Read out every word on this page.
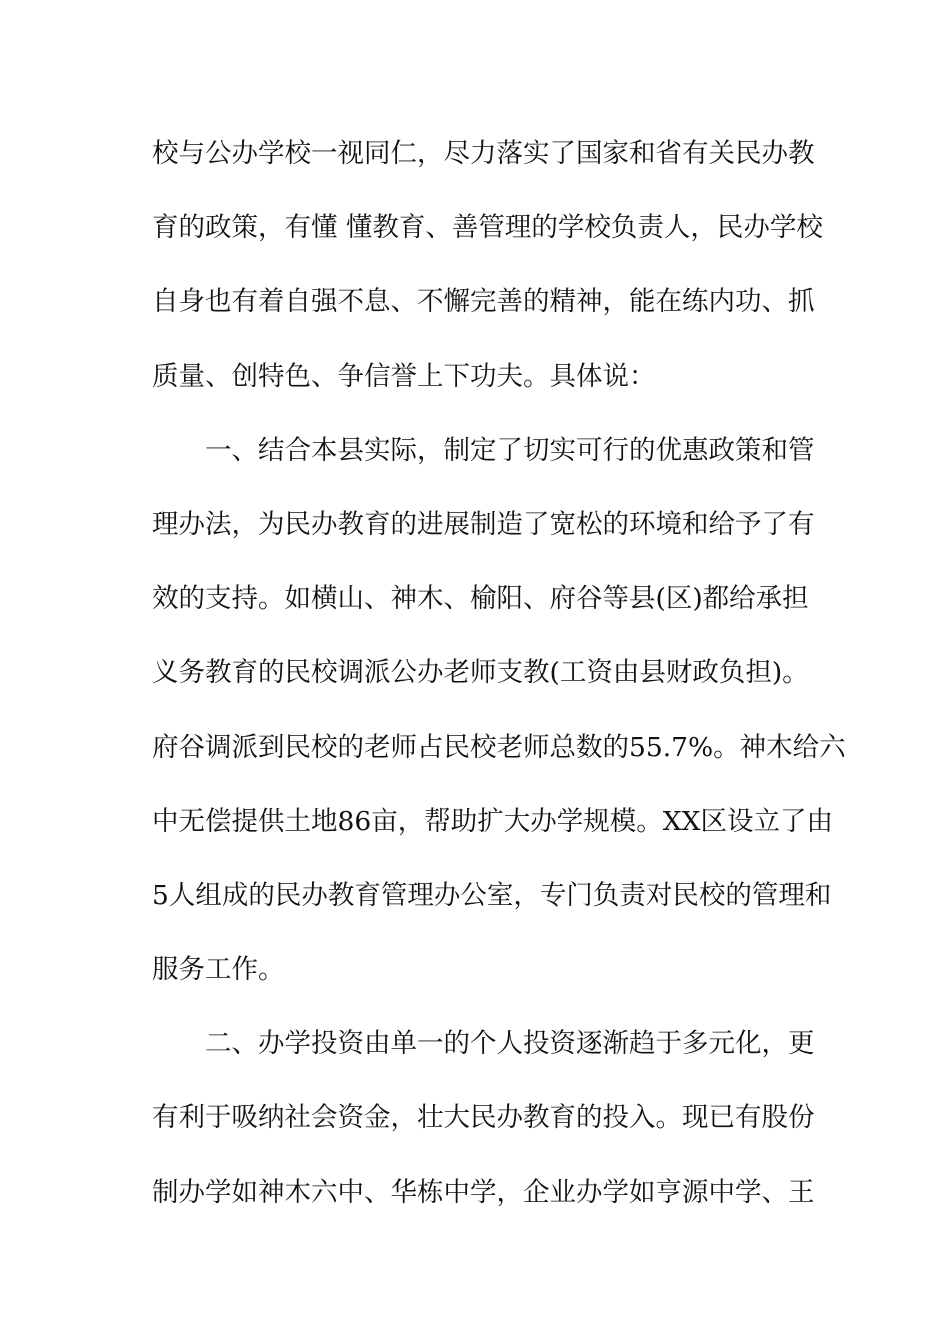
校与公办学校一视同仁，尽力落实了国家和省有关民办教
育的政策，有懂 懂教育、善管理的学校负责人，民办学校
自身也有着自强不息、不懈完善的精神，能在练内功、抓
质量、创特色、争信誉上下功夫。具体说：
一、结合本县实际，制定了切实可行的优惠政策和管
理办法，为民办教育的进展制造了宽松的环境和给予了有
效的支持。如横山、神木、榆阳、府谷等县(区)都给承担
义务教育的民校调派公办老师支教(工资由县财政负担)。
府谷调派到民校的老师占民校老师总数的55.7%。神木给六
中无偿提供土地86亩，帮助扩大办学规模。XX区设立了由
5人组成的民办教育管理办公室，专门负责对民校的管理和
服务工作。
二、办学投资由单一的个人投资逐渐趋于多元化，更
有利于吸纳社会资金，壮大民办教育的投入。现已有股份
制办学如神木六中、华栋中学，企业办学如亨源中学、王
